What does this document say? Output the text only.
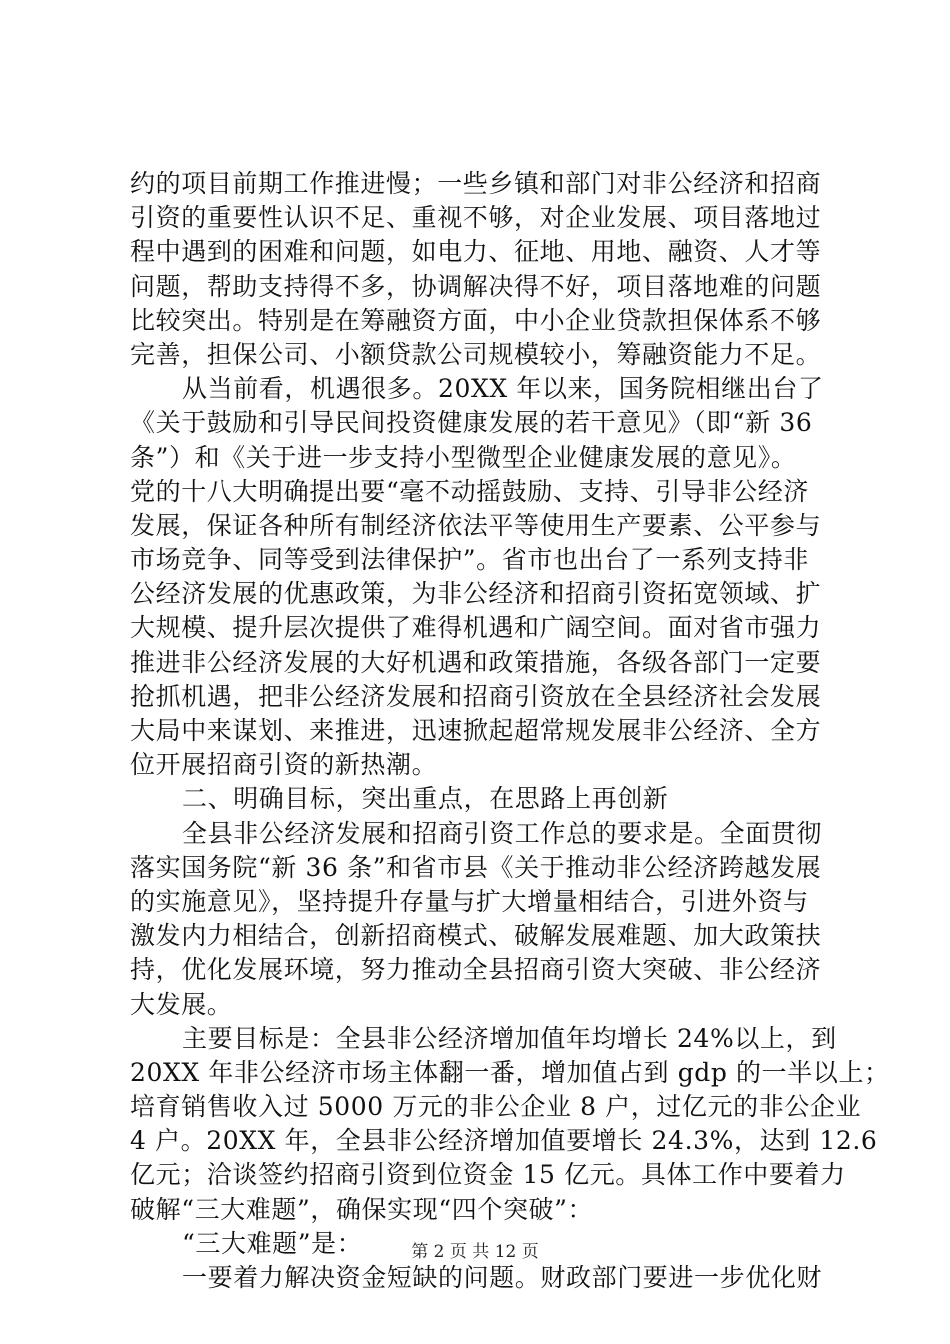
约的项目前期工作推进慢；一些乡镇和部门对非公经济和招商
引资的重要性认识不足、重视不够，对企业发展、项目落地过
程中遇到的困难和问题，如电力、征地、用地、融资、人才等
问题，帮助支持得不多，协调解决得不好，项目落地难的问题
比较突出。特别是在筹融资方面，中小企业贷款担保体系不够
完善，担保公司、小额贷款公司规模较小，筹融资能力不足。
从当前看，机遇很多。20XX 年以来，国务院相继出台了
《关于鼓励和引导民间投资健康发展的若干意见》（即“新 36
条”）和《关于进一步支持小型微型企业健康发展的意见》。
党的十八大明确提出要“毫不动摇鼓励、支持、引导非公经济
发展，保证各种所有制经济依法平等使用生产要素、公平参与
市场竞争、同等受到法律保护”。省市也出台了一系列支持非
公经济发展的优惠政策，为非公经济和招商引资拓宽领域、扩
大规模、提升层次提供了难得机遇和广阔空间。面对省市强力
推进非公经济发展的大好机遇和政策措施，各级各部门一定要
抢抓机遇，把非公经济发展和招商引资放在全县经济社会发展
大局中来谋划、来推进，迅速掀起超常规发展非公经济、全方
位开展招商引资的新热潮。
二、明确目标，突出重点，在思路上再创新
全县非公经济发展和招商引资工作总的要求是。全面贯彻
落实国务院“新 36 条”和省市县《关于推动非公经济跨越发展
的实施意见》，坚持提升存量与扩大增量相结合，引进外资与
激发内力相结合，创新招商模式、破解发展难题、加大政策扶
持，优化发展环境，努力推动全县招商引资大突破、非公经济
大发展。
主要目标是：全县非公经济增加值年均增长 24%以上，到
20XX 年非公经济市场主体翻一番，增加值占到 gdp 的一半以上；
培育销售收入过 5000 万元的非公企业 8 户，过亿元的非公企业
4 户。20XX 年，全县非公经济增加值要增长 24.3%，达到 12.6
亿元；洽谈签约招商引资到位资金 15 亿元。具体工作中要着力
破解“三大难题”，确保实现“四个突破”：
“三大难题”是：
一要着力解决资金短缺的问题。财政部门要进一步优化财
第 2 页 共 12 页
